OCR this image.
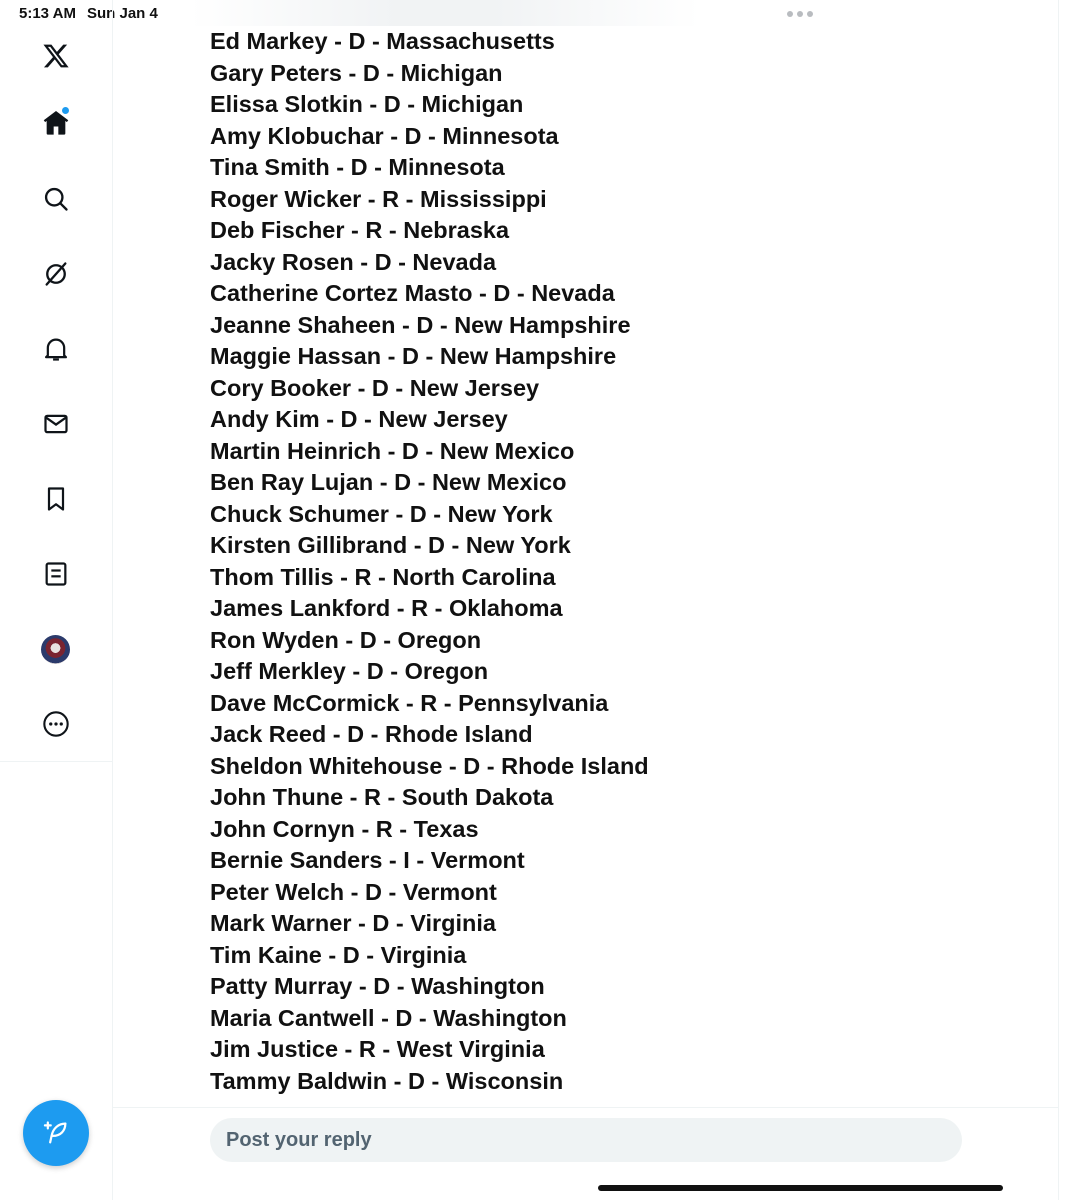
5:13 AM Sun Jan 4
Ed Markey - D - Massachusetts
Gary Peters - D - Michigan
Elissa Slotkin - D - Michigan
Amy Klobuchar - D - Minnesota
Tina Smith - D - Minnesota
Roger Wicker - R - Mississippi
Deb Fischer - R - Nebraska
Jacky Rosen - D - Nevada
Catherine Cortez Masto - D - Nevada
Jeanne Shaheen - D - New Hampshire
Maggie Hassan - D - New Hampshire
Cory Booker - D - New Jersey
Andy Kim - D - New Jersey
Martin Heinrich - D - New Mexico
Ben Ray Lujan - D - New Mexico
Chuck Schumer - D - New York
Kirsten Gillibrand - D - New York
Thom Tillis - R - North Carolina
James Lankford - R - Oklahoma
Ron Wyden - D - Oregon
Jeff Merkley - D - Oregon
Dave McCormick - R - Pennsylvania
Jack Reed - D - Rhode Island
Sheldon Whitehouse - D - Rhode Island
John Thune - R - South Dakota
John Cornyn - R - Texas
Bernie Sanders - I - Vermont
Peter Welch - D - Vermont
Mark Warner - D - Virginia
Tim Kaine - D - Virginia
Patty Murray - D - Washington
Maria Cantwell - D - Washington
Jim Justice - R - West Virginia
Tammy Baldwin - D - Wisconsin
Post your reply
